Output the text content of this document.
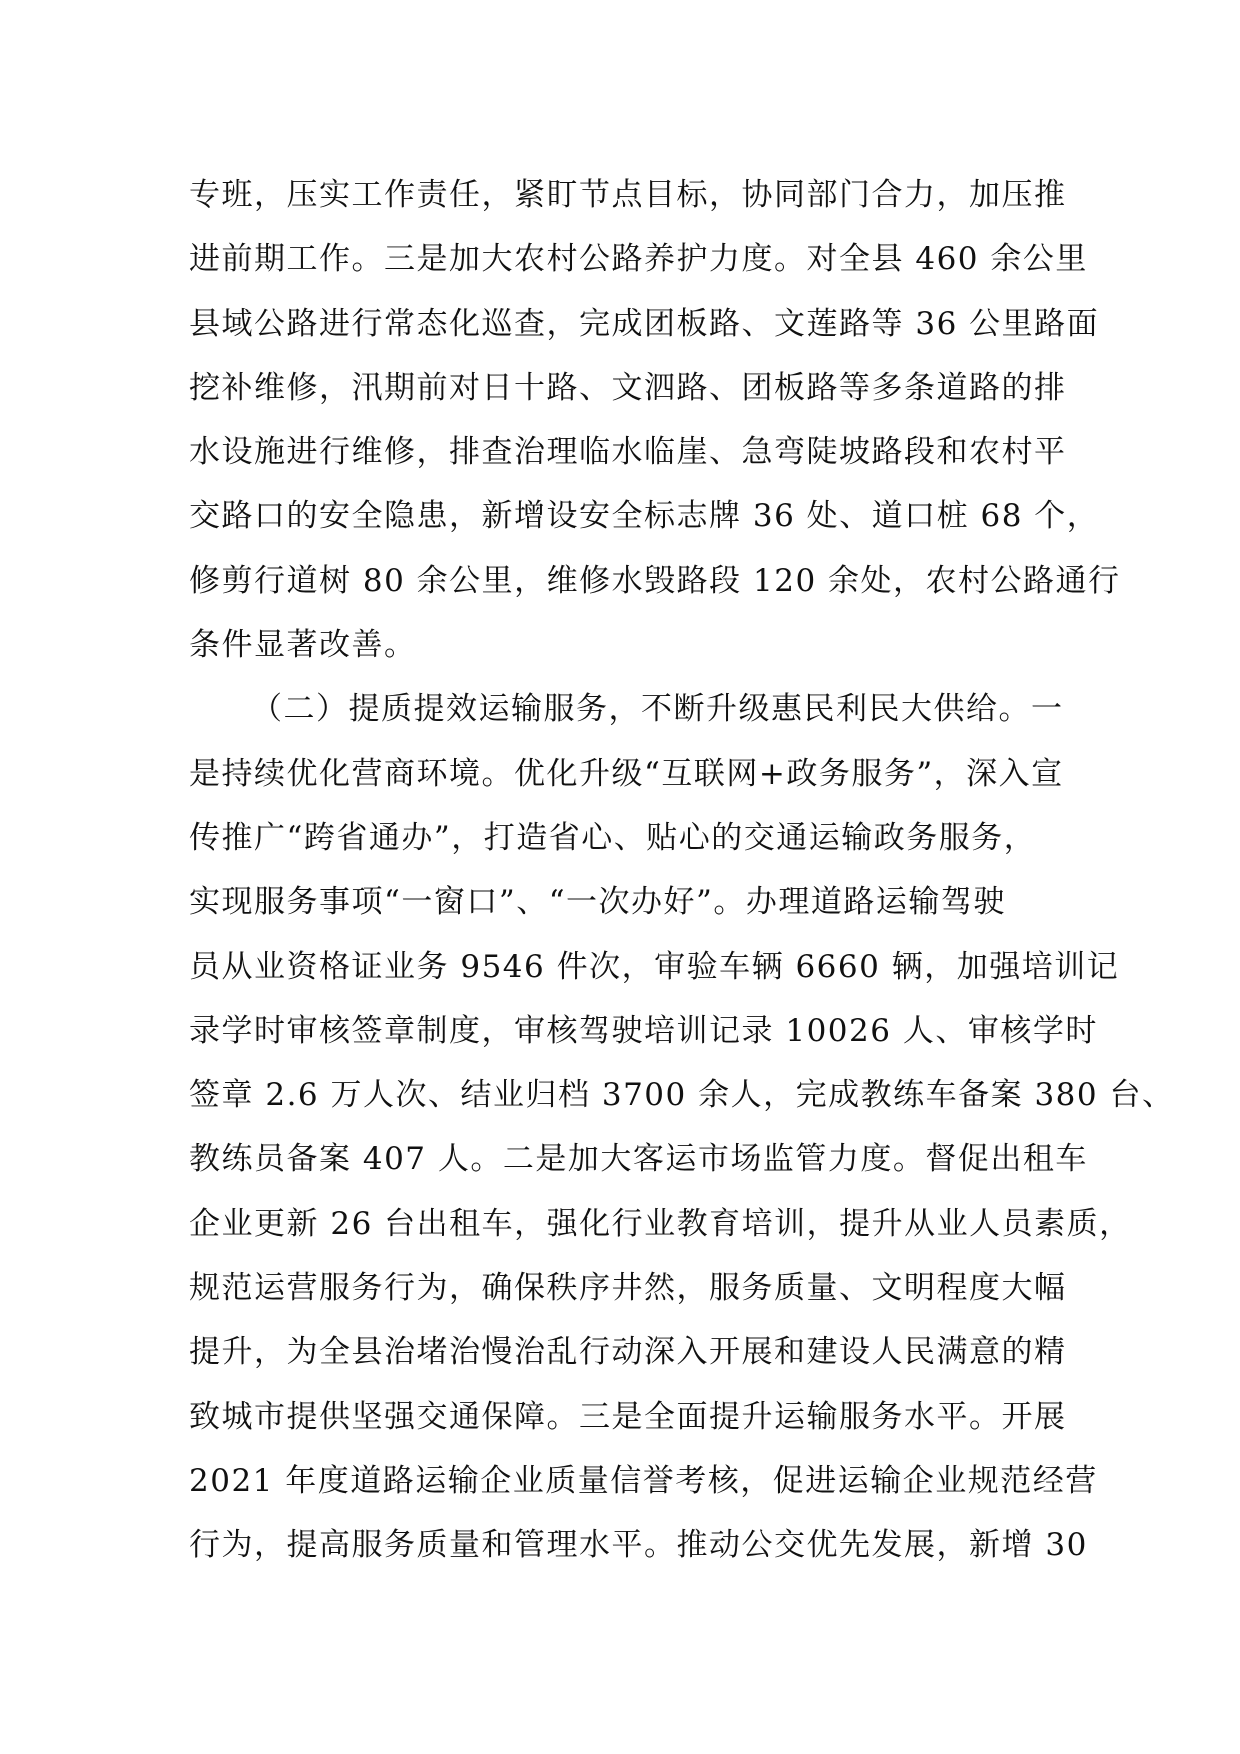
专班，压实工作责任，紧盯节点目标，协同部门合力，加压推
进前期工作。三是加大农村公路养护力度。对全县 460 余公里
县域公路进行常态化巡查，完成团板路、文莲路等 36 公里路面
挖补维修，汛期前对日十路、文泗路、团板路等多条道路的排
水设施进行维修，排查治理临水临崖、急弯陡坡路段和农村平
交路口的安全隐患，新增设安全标志牌 36 处、道口桩 68 个，
修剪行道树 80 余公里，维修水毁路段 120 余处，农村公路通行
条件显著改善。
（二）提质提效运输服务，不断升级惠民利民大供给。一
是持续优化营商环境。优化升级“互联网+政务服务”，深入宣
传推广“跨省通办”，打造省心、贴心的交通运输政务服务，
实现服务事项“一窗口”、“一次办好”。办理道路运输驾驶
员从业资格证业务 9546 件次，审验车辆 6660 辆，加强培训记
录学时审核签章制度，审核驾驶培训记录 10026 人、审核学时
签章 2.6 万人次、结业归档 3700 余人，完成教练车备案 380 台、
教练员备案 407 人。二是加大客运市场监管力度。督促出租车
企业更新 26 台出租车，强化行业教育培训，提升从业人员素质，
规范运营服务行为，确保秩序井然，服务质量、文明程度大幅
提升，为全县治堵治慢治乱行动深入开展和建设人民满意的精
致城市提供坚强交通保障。三是全面提升运输服务水平。开展
2021 年度道路运输企业质量信誉考核，促进运输企业规范经营
行为，提高服务质量和管理水平。推动公交优先发展，新增 30
